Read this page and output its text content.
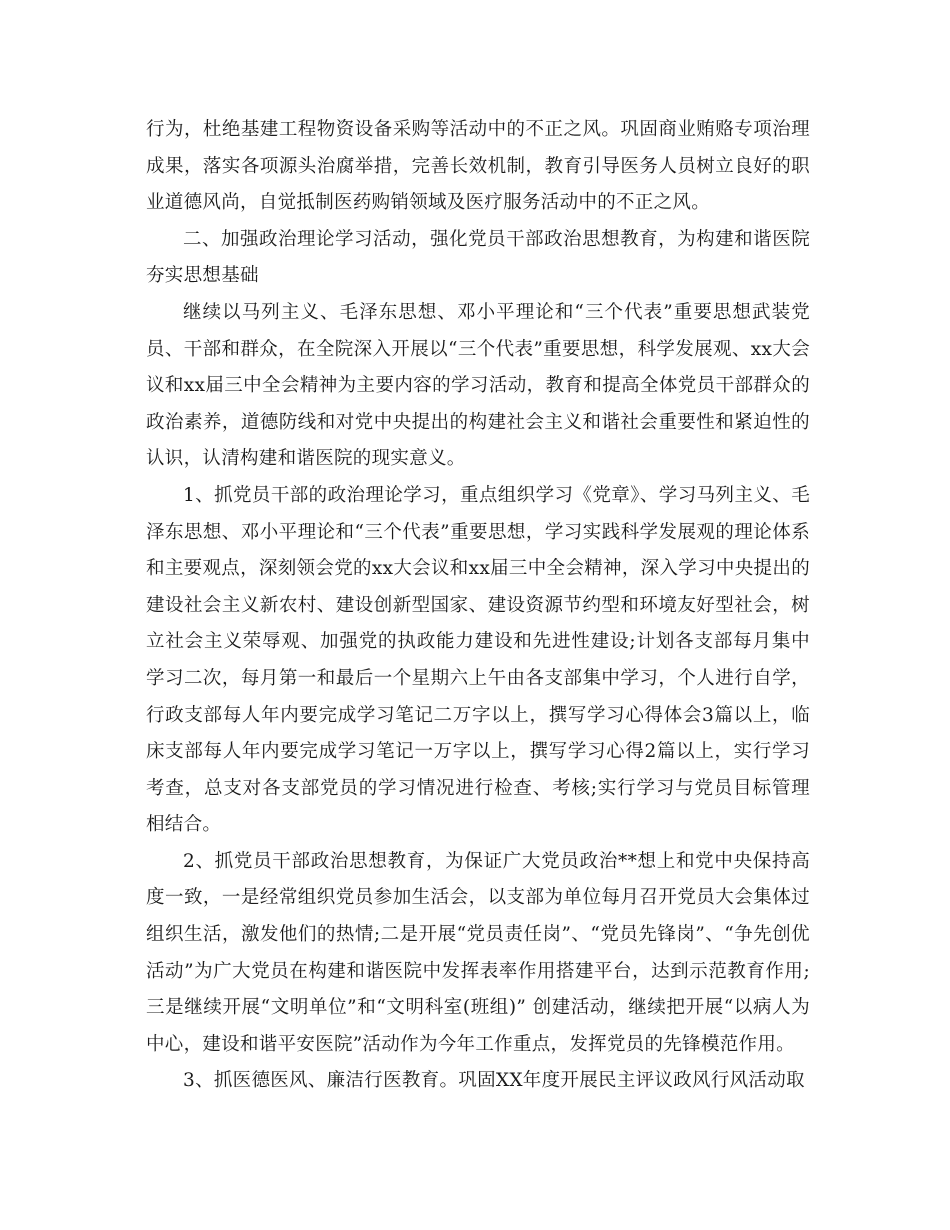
行为，杜绝基建工程物资设备采购等活动中的不正之风。巩固商业贿赂专项治理成果，落实各项源头治腐举措，完善长效机制，教育引导医务人员树立良好的职业道德风尚，自觉抵制医药购销领域及医疗服务活动中的不正之风。

二、加强政治理论学习活动，强化党员干部政治思想教育，为构建和谐医院夯实思想基础

继续以马列主义、毛泽东思想、邓小平理论和“三个代表”重要思想武装党员、干部和群众，在全院深入开展以“三个代表”重要思想，科学发展观、xx大会议和xx届三中全会精神为主要内容的学习活动，教育和提高全体党员干部群众的政治素养，道德防线和对党中央提出的构建社会主义和谐社会重要性和紧迫性的认识，认清构建和谐医院的现实意义。

1、抓党员干部的政治理论学习，重点组织学习《党章》、学习马列主义、毛泽东思想、邓小平理论和“三个代表”重要思想，学习实践科学发展观的理论体系和主要观点，深刻领会党的xx大会议和xx届三中全会精神，深入学习中央提出的建设社会主义新农村、建设创新型国家、建设资源节约型和环境友好型社会，树立社会主义荣辱观、加强党的执政能力建设和先进性建设;计划各支部每月集中学习二次，每月第一和最后一个星期六上午由各支部集中学习，个人进行自学，行政支部每人年内要完成学习笔记二万字以上，撰写学习心得体会3篇以上，临床支部每人年内要完成学习笔记一万字以上，撰写学习心得2篇以上，实行学习考查，总支对各支部党员的学习情况进行检查、考核;实行学习与党员目标管理相结合。

2、抓党员干部政治思想教育，为保证广大党员政治**想上和党中央保持高度一致，一是经常组织党员参加生活会，以支部为单位每月召开党员大会集体过组织生活，激发他们的热情;二是开展“党员责任岗”、“党员先锋岗”、“争先创优活动”为广大党员在构建和谐医院中发挥表率作用搭建平台，达到示范教育作用;三是继续开展“文明单位”和“文明科室(班组)” 创建活动，继续把开展“以病人为中心，建设和谐平安医院”活动作为今年工作重点，发挥党员的先锋模范作用。

3、抓医德医风、廉洁行医教育。巩固XX年度开展民主评议政风行风活动取
